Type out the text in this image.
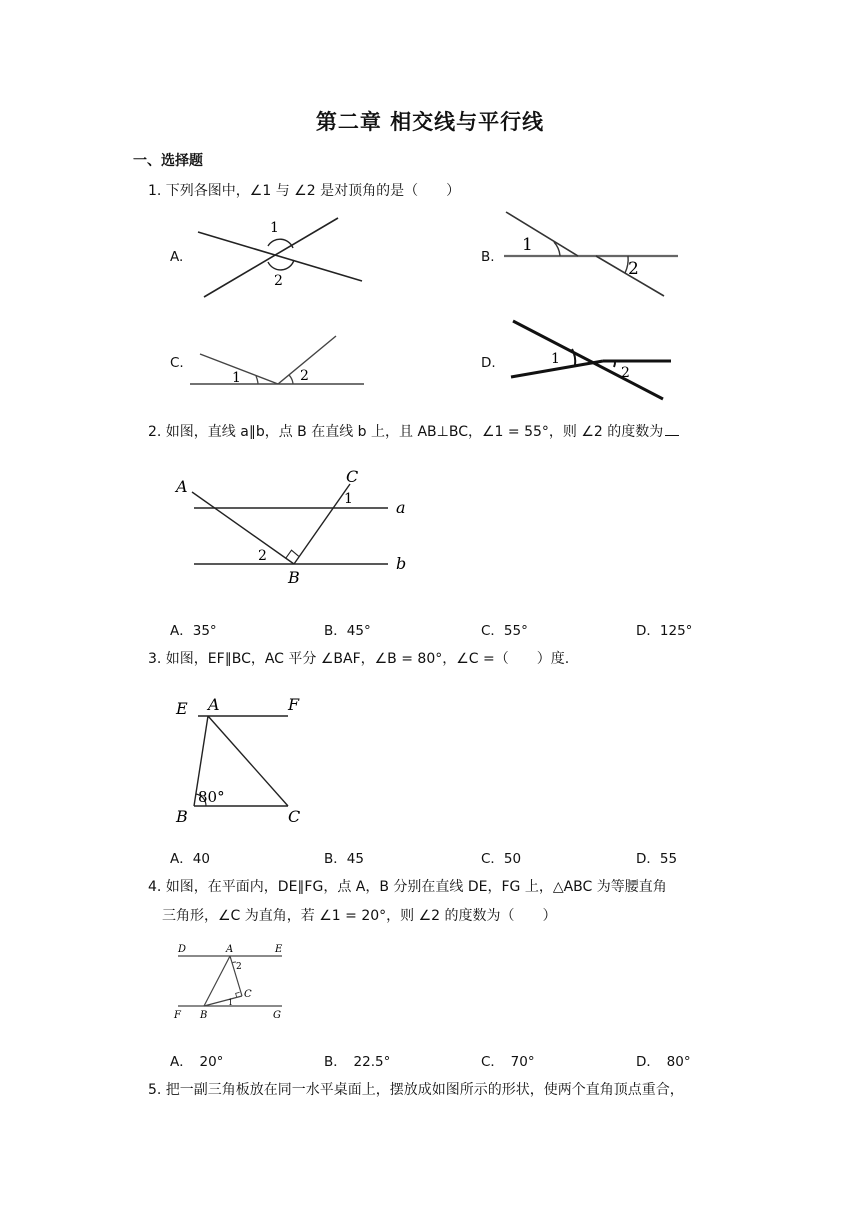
第二章 相交线与平行线
一、选择题
1. 下列各图中，∠1 与 ∠2 是对顶角的是（　　）
A.
1
2
B.
1
2
C.
1	2
D.	1
2
2. 如图，直线 a∥b，点 B 在直线 b 上，且 AB⊥BC，∠1 = 55°，则 ∠2 的度数为
A
C
1
2
B
a
b
A．35°	B．45°	C．55°	D．125°
3. 如图，EF∥BC，AC 平分 ∠BAF，∠B = 80°，∠C =（　　）度.
E A	F
80°
B	C
A．40	B．45	C．50	D．55
4. 如图，在平面内，DE∥FG，点 A，B 分别在直线 DE，FG 上，△ABC 为等腰直角
三角形，∠C 为直角，若 ∠1 = 20°，则 ∠2 的度数为（　　）
D	A	E
2
C
1
F B	G
A．　20°	B．　22.5°	C．　70°	D．　80°
5. 把一副三角板放在同一水平桌面上，摆放成如图所示的形状，使两个直角顶点重合，
